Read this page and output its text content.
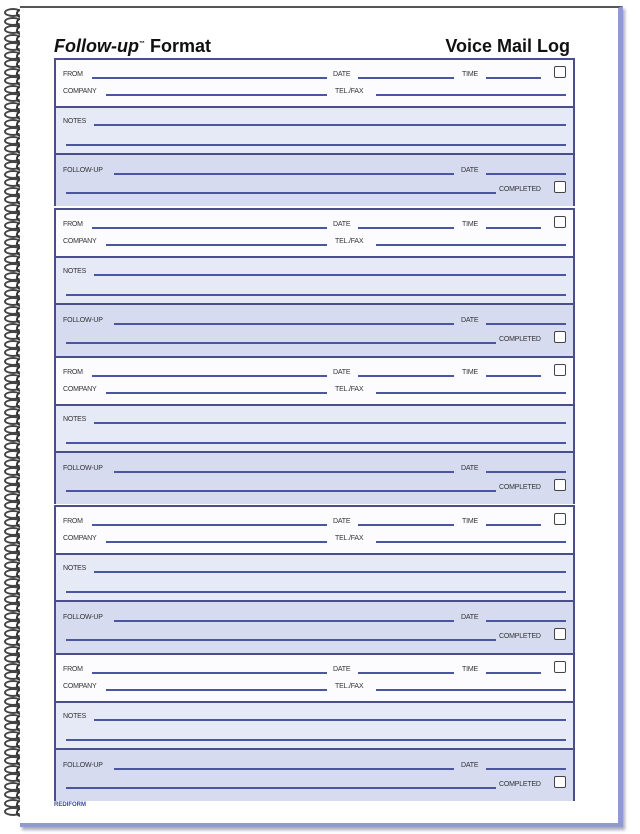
Follow-up™ Format	Voice Mail Log
FROM	DATE	TIME
COMPANY	TEL./FAX
NOTES
FOLLOW-UP	DATE
COMPLETED
FROM	DATE	TIME
COMPANY	TEL./FAX
NOTES
FOLLOW-UP	DATE
COMPLETED
FROM	DATE	TIME
COMPANY	TEL./FAX
NOTES
FOLLOW-UP	DATE
COMPLETED
FROM	DATE	TIME
COMPANY	TEL./FAX
NOTES
FOLLOW-UP	DATE
COMPLETED
FROM	DATE	TIME
COMPANY	TEL./FAX
NOTES
FOLLOW-UP	DATE
COMPLETED
REDIFORM
